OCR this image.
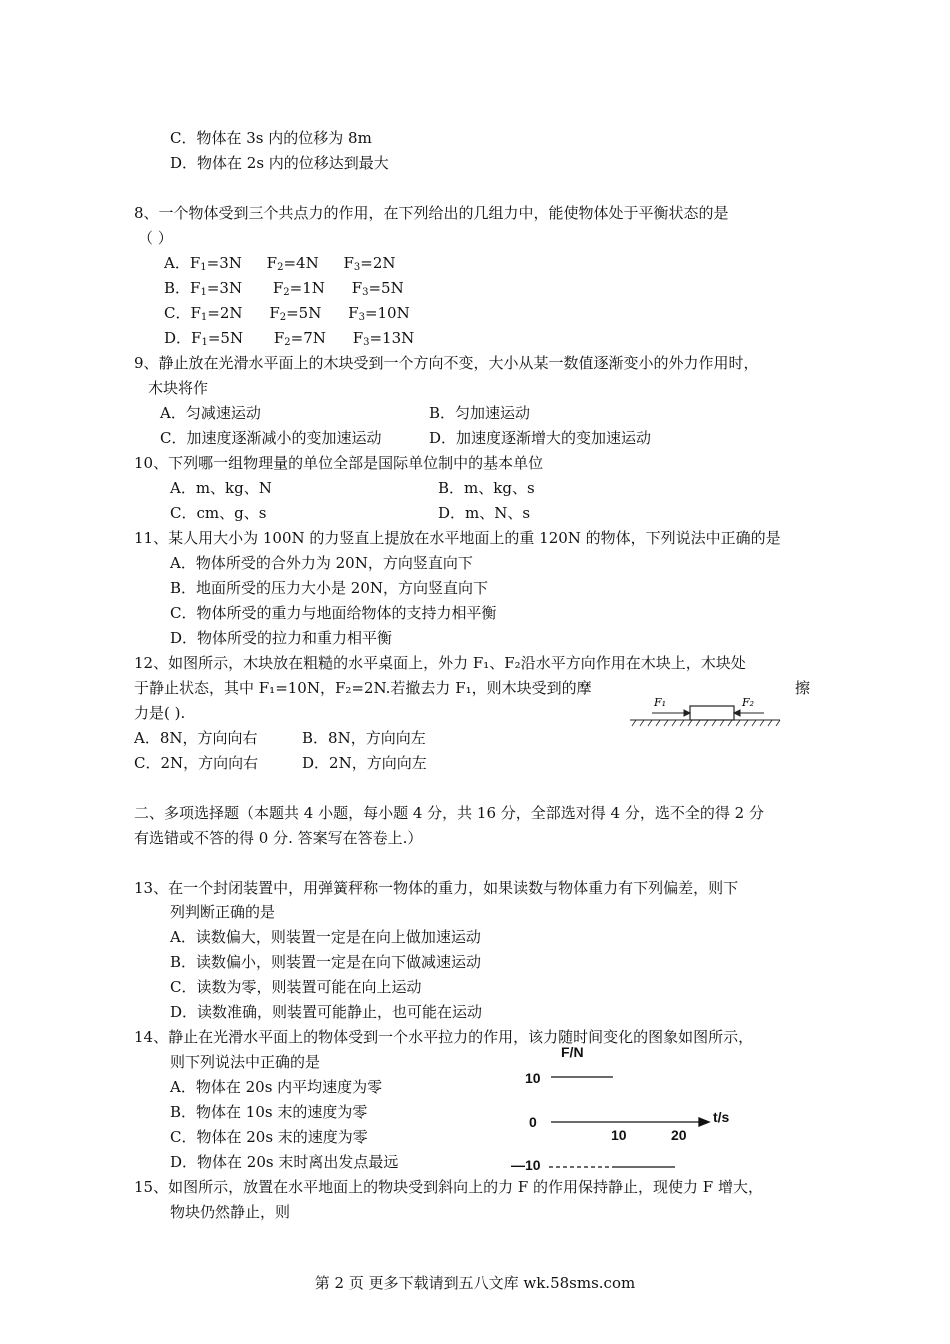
C．物体在 3s 内的位移为 8m
D．物体在 2s 内的位移达到最大
8、一个物体受到三个共点力的作用，在下列给出的几组力中，能使物体处于平衡状态的是
（ ）
A．$F_1=3N$ $F_2=4N$ $F_3=2N$
B．$F_1=3N$ $F_2=1N$ $F_3=5N$
C．$F_1=2N$ $F_2=5N$ $F_3=10N$
D．$F_1=5N$ $F_2=7N$ $F_3=13N$
9、静止放在光滑水平面上的木块受到一个方向不变，大小从某一数值逐渐变小的外力作用时，
木块将作
A．匀减速运动	B．匀加速运动
C．加速度逐渐减小的变加速运动	D．加速度逐渐增大的变加速运动
10、下列哪一组物理量的单位全部是国际单位制中的基本单位
A．m、kg、N	B．m、kg、s
C．cm、g、s	D．m、N、s
11、某人用大小为 100N 的力竖直上提放在水平地面上的重 120N 的物体，下列说法中正确的是
A．物体所受的合外力为 20N，方向竖直向下
B．地面所受的压力大小是 20N，方向竖直向下
C．物体所受的重力与地面给物体的支持力相平衡
D．物体所受的拉力和重力相平衡
12、如图所示，木块放在粗糙的水平桌面上，外力 F₁、F₂沿水平方向作用在木块上，木块处
于静止状态，其中 F₁=10N，F₂=2N.若撤去力 F₁，则木块受到的摩	擦
力是( ).
A．8N，方向向右	B．8N，方向向左
C．2N，方向向右	D．2N，方向向左
F₁	F₂
二、多项选择题（本题共 4 小题，每小题 4 分，共 16 分，全部选对得 4 分，选不全的得 2 分
有选错或不答的得 0 分. 答案写在答卷上.）
13、在一个封闭装置中，用弹簧秤称一物体的重力，如果读数与物体重力有下列偏差，则下
列判断正确的是
A．读数偏大，则装置一定是在向上做加速运动
B．读数偏小，则装置一定是在向下做减速运动
C．读数为零，则装置可能在向上运动
D．读数准确，则装置可能静止，也可能在运动
14、静止在光滑水平面上的物体受到一个水平拉力的作用，该力随时间变化的图象如图所示，
则下列说法中正确的是
A．物体在 20s 内平均速度为零
B．物体在 10s 末的速度为零
C．物体在 20s 末的速度为零
D．物体在 20s 末时离出发点最远
F/N
10
0
10	20
t/s
—10
15、如图所示，放置在水平地面上的物块受到斜向上的力 F 的作用保持静止，现使力 F 增大，
物块仍然静止，则
第 2 页 更多下载请到五八文库 wk.58sms.com
